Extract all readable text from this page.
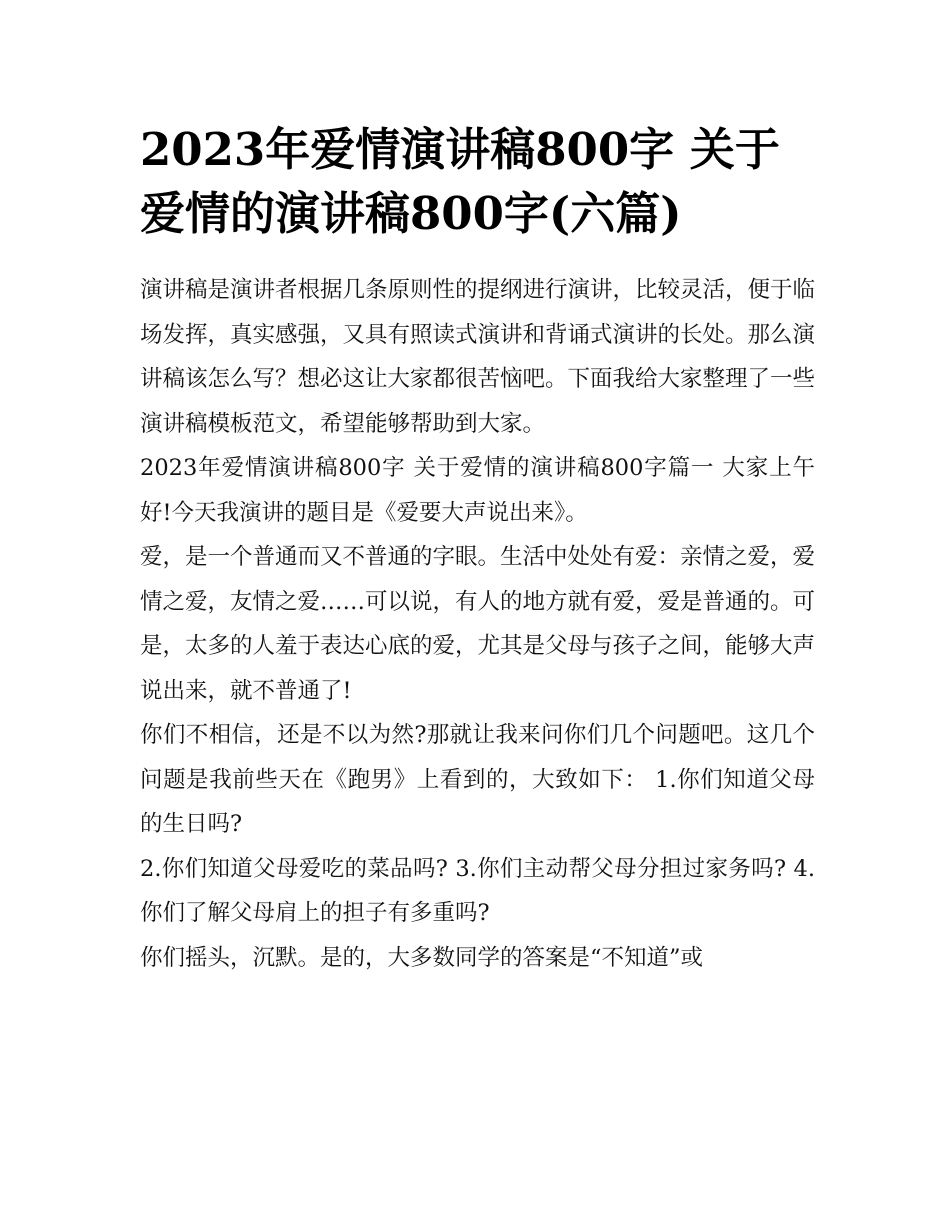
2023年爱情演讲稿800字 关于爱情的演讲稿800字(六篇)

演讲稿是演讲者根据几条原则性的提纲进行演讲，比较灵活，便于临场发挥，真实感强，又具有照读式演讲和背诵式演讲的长处。那么演讲稿该怎么写？想必这让大家都很苦恼吧。下面我给大家整理了一些演讲稿模板范文，希望能够帮助到大家。

2023年爱情演讲稿800字 关于爱情的演讲稿800字篇一 大家上午好!今天我演讲的题目是《爱要大声说出来》。

爱，是一个普通而又不普通的字眼。生活中处处有爱：亲情之爱，爱情之爱，友情之爱……可以说，有人的地方就有爱，爱是普通的。可是，太多的人羞于表达心底的爱，尤其是父母与孩子之间，能够大声说出来，就不普通了!

你们不相信，还是不以为然?那就让我来问你们几个问题吧。这几个问题是我前些天在《跑男》上看到的，大致如下： 1.你们知道父母的生日吗?

2.你们知道父母爱吃的菜品吗? 3.你们主动帮父母分担过家务吗? 4.你们了解父母肩上的担子有多重吗?

你们摇头，沉默。是的，大多数同学的答案是“不知道”或
